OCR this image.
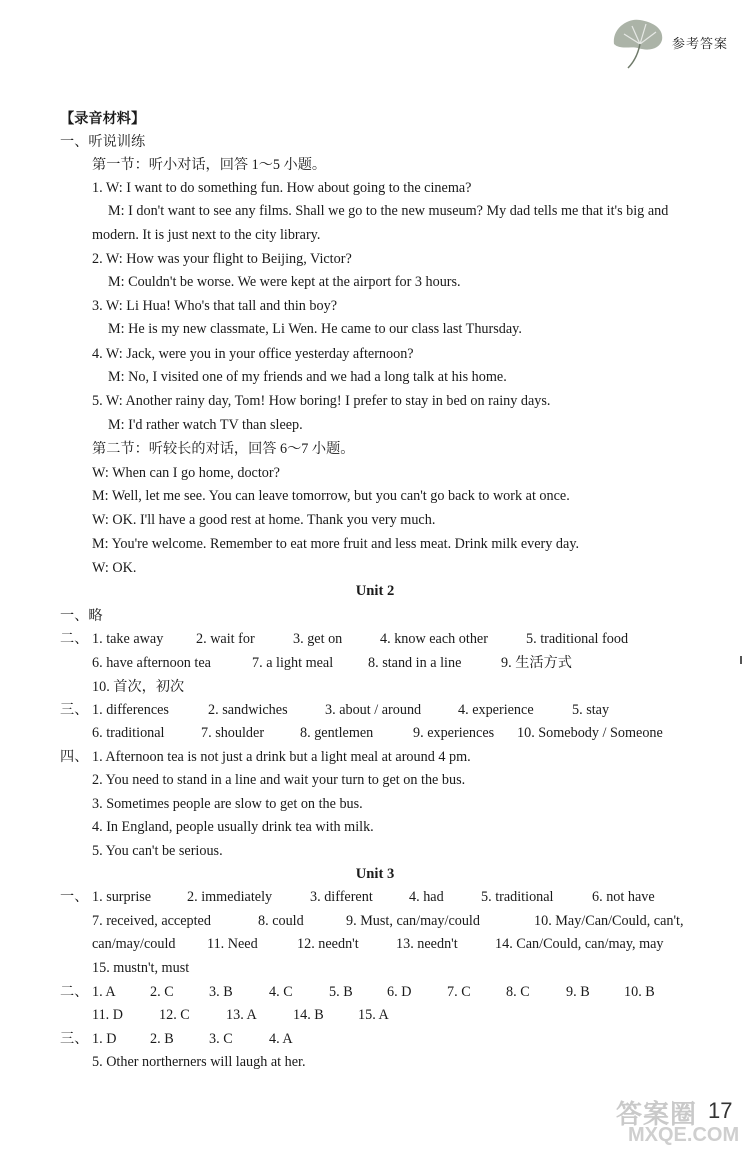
参考答案
【录音材料】
一、听说训练
第一节：听小对话，回答 1～5 小题。
1. W: I want to do something fun. How about going to the cinema?
M: I don't want to see any films. Shall we go to the new museum? My dad tells me that it's big and
modern. It is just next to the city library.
2. W: How was your flight to Beijing, Victor?
M: Couldn't be worse. We were kept at the airport for 3 hours.
3. W: Li Hua! Who's that tall and thin boy?
M: He is my new classmate, Li Wen. He came to our class last Thursday.
4. W: Jack, were you in your office yesterday afternoon?
M: No, I visited one of my friends and we had a long talk at his home.
5. W: Another rainy day, Tom! How boring! I prefer to stay in bed on rainy days.
M: I'd rather watch TV than sleep.
第二节：听较长的对话，回答 6～7 小题。
W: When can I go home, doctor?
M: Well, let me see. You can leave tomorrow, but you can't go back to work at once.
W: OK. I'll have a good rest at home. Thank you very much.
M: You're welcome. Remember to eat more fruit and less meat. Drink milk every day.
W: OK.
Unit 2
一、略
二、 1. take away 2. wait for	3. get on	4. know each other	5. traditional food
6. have afternoon tea	7. a light meal 8. stand in a line	9. 生活方式
10. 首次，初次
三、 1. differences	2. sandwiches	3. about / around	4. experience	5. stay
6. traditional	7. shoulder	8. gentlemen	9. experiences 10. Somebody / Someone
四、 1. Afternoon tea is not just a drink but a light meal at around 4 pm.
2. You need to stand in a line and wait your turn to get on the bus.
3. Sometimes people are slow to get on the bus.
4. In England, people usually drink tea with milk.
5. You can't be serious.
Unit 3
一、 1. surprise	2. immediately	3. different	4. had	5. traditional	6. not have
7. received, accepted	8. could	9. Must, can/may/could	10. May/Can/Could, can't,
can/may/could 11. Need	12. needn't	13. needn't	14. Can/Could, can/may, may
15. mustn't, must
二、 1. A 2. C 3. B	4. C	5. B 6. D	7. C 8. C	9. B 10. B
11. D	12. C	13. A	14. B 15. A
三、 1. D 2. B 3. C	4. A
5. Other northerners will laugh at her.
答案圈
MXQE.COM
17
